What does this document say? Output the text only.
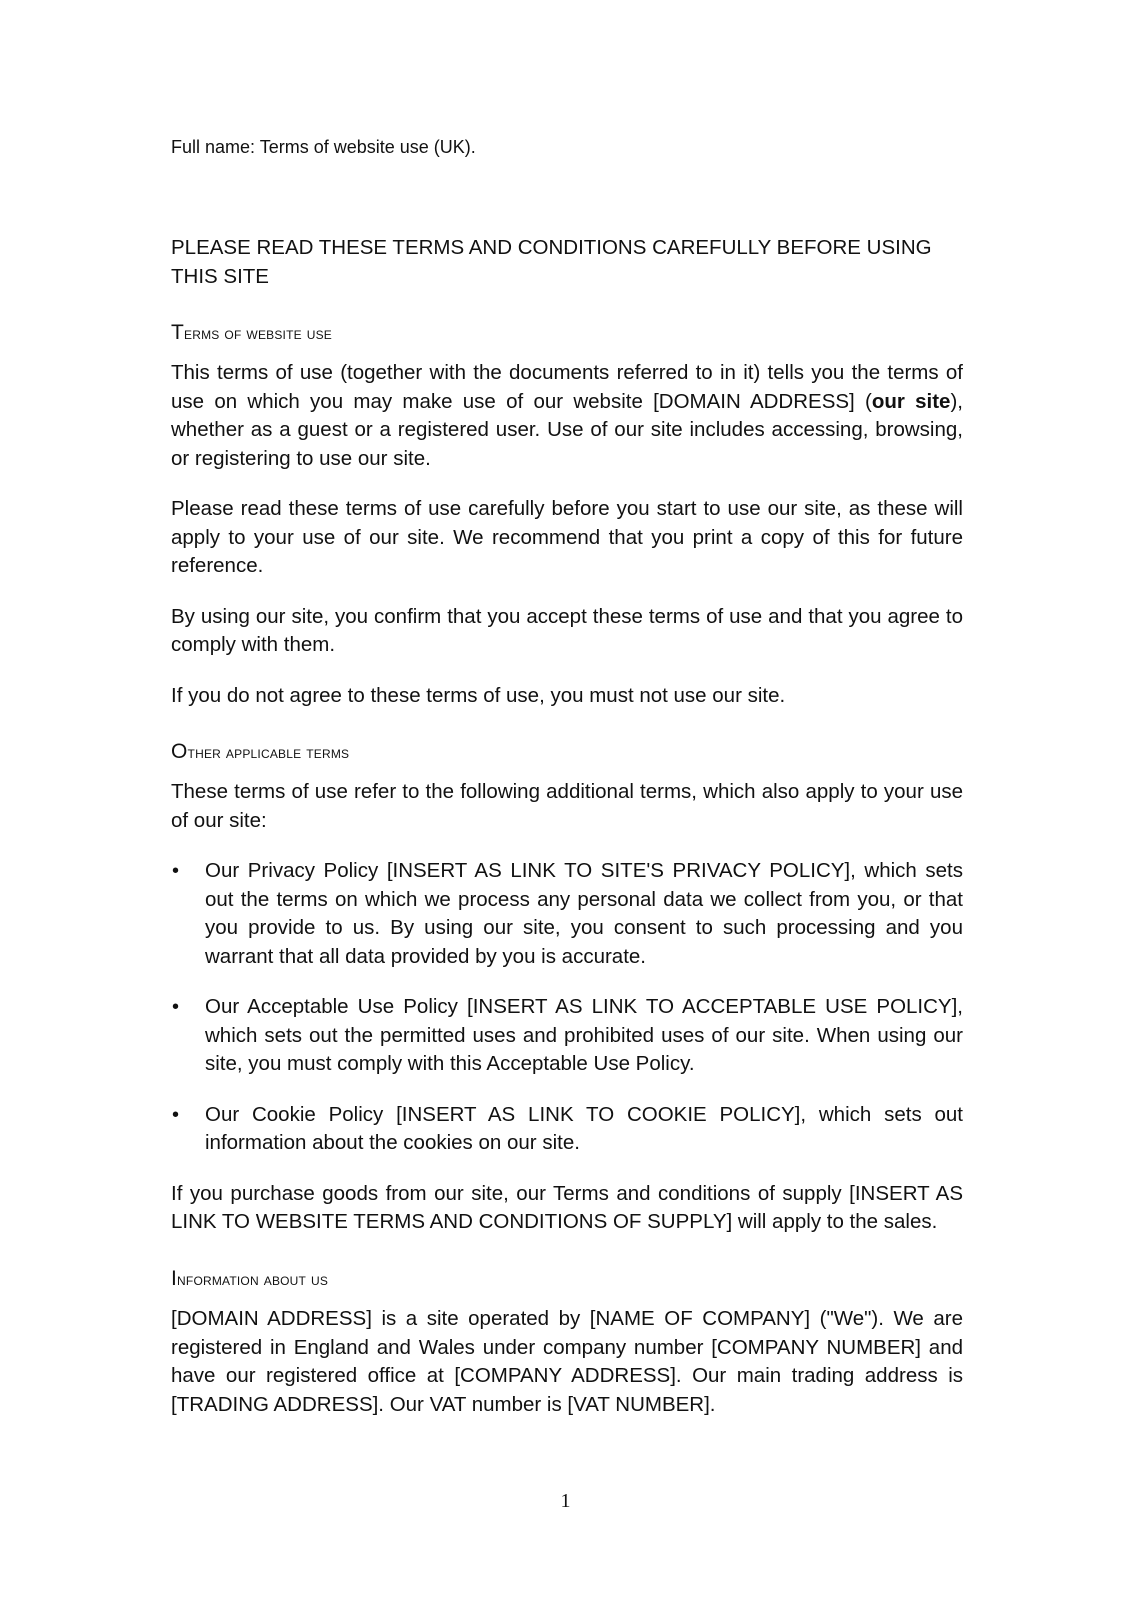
Full name: Terms of website use (UK).
PLEASE READ THESE TERMS AND CONDITIONS CAREFULLY BEFORE USING THIS SITE
Terms of website use

This terms of use (together with the documents referred to in it) tells you the terms of use on which you may make use of our website [DOMAIN ADDRESS] (our site), whether as a guest or a registered user. Use of our site includes accessing, browsing, or registering to use our site.

Please read these terms of use carefully before you start to use our site, as these will apply to your use of our site. We recommend that you print a copy of this for future reference.

By using our site, you confirm that you accept these terms of use and that you agree to comply with them.

If you do not agree to these terms of use, you must not use our site.

Other applicable terms

These terms of use refer to the following additional terms, which also apply to your use of our site:

• Our Privacy Policy [INSERT AS LINK TO SITE'S PRIVACY POLICY], which sets out the terms on which we process any personal data we collect from you, or that you provide to us. By using our site, you consent to such processing and you warrant that all data provided by you is accurate.
• Our Acceptable Use Policy [INSERT AS LINK TO ACCEPTABLE USE POLICY], which sets out the permitted uses and prohibited uses of our site. When using our site, you must comply with this Acceptable Use Policy.
• Our Cookie Policy [INSERT AS LINK TO COOKIE POLICY], which sets out information about the cookies on our site.

If you purchase goods from our site, our Terms and conditions of supply [INSERT AS LINK TO WEBSITE TERMS AND CONDITIONS OF SUPPLY] will apply to the sales.

Information about us

[DOMAIN ADDRESS] is a site operated by [NAME OF COMPANY] ("We"). We are registered in England and Wales under company number [COMPANY NUMBER] and have our registered office at [COMPANY ADDRESS]. Our main trading address is [TRADING ADDRESS]. Our VAT number is [VAT NUMBER].

1
